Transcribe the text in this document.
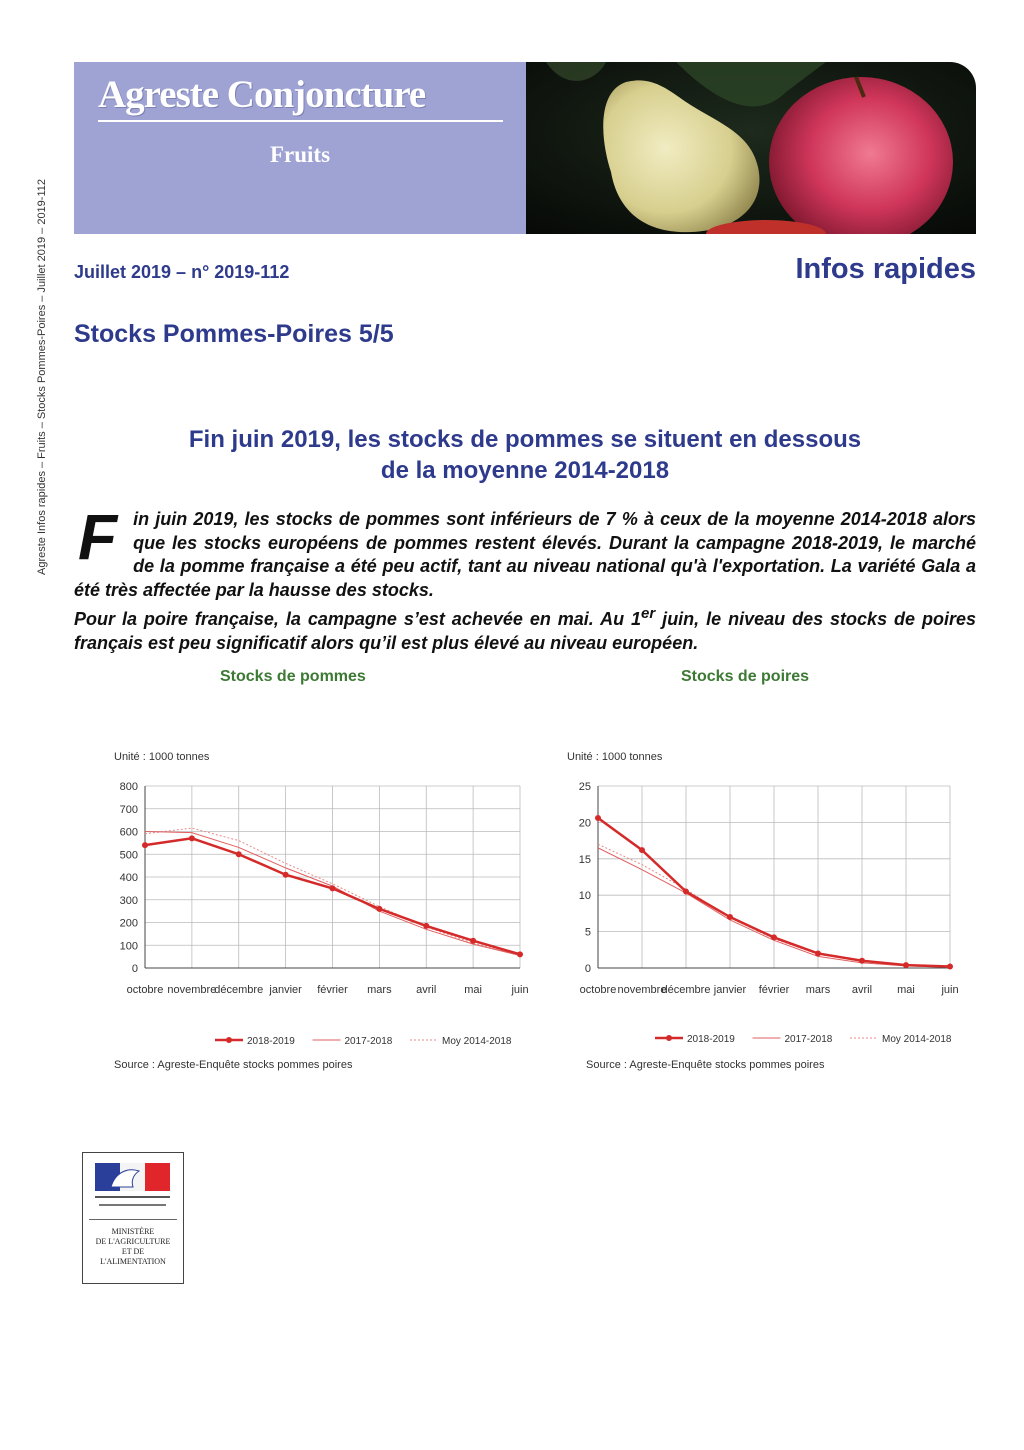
Agreste Infos rapides – Fruits – Stocks Pommes-Poires – Juillet 2019 – 2019-112
Agreste Conjoncture
Fruits
Juillet 2019 – n° 2019-112	Infos rapides
Stocks Pommes-Poires 5/5
Fin juin 2019, les stocks de pommes se situent en dessous
de la moyenne 2014-2018
F in juin 2019, les stocks de pommes sont inférieurs de 7 % à ceux de la moyenne 2014-2018 alors que les stocks européens de pommes restent élevés. Durant la campagne 2018-2019, le marché de la pomme française a été peu actif, tant au niveau national qu'à l'exportation. La variété Gala a été très affectée par la hausse des stocks.

Pour la poire française, la campagne s’est achevée en mai. Au 1er juin, le niveau des stocks de poires français est peu significatif alors qu’il est plus élevé au niveau européen.

Stocks de pommes	Stocks de poires
Unité : 1000 tonnes
0
100
200
300
400
500
600
700
800
octobre novembre
décembre janvier février mars avril	mai	juin
2018-2019	2017-2018	Moy 2014-2018
Source : Agreste-Enquête stocks pommes poires
Unité : 1000 tonnes
0
5
10
15
20
25
octobre novembre
décembre janvier février mars avril mai juin
2018-2019	2017-2018	Moy 2014-2018
Source : Agreste-Enquête stocks pommes poires
MINISTÈRE
DE L'AGRICULTURE
ET DE
L'ALIMENTATION
